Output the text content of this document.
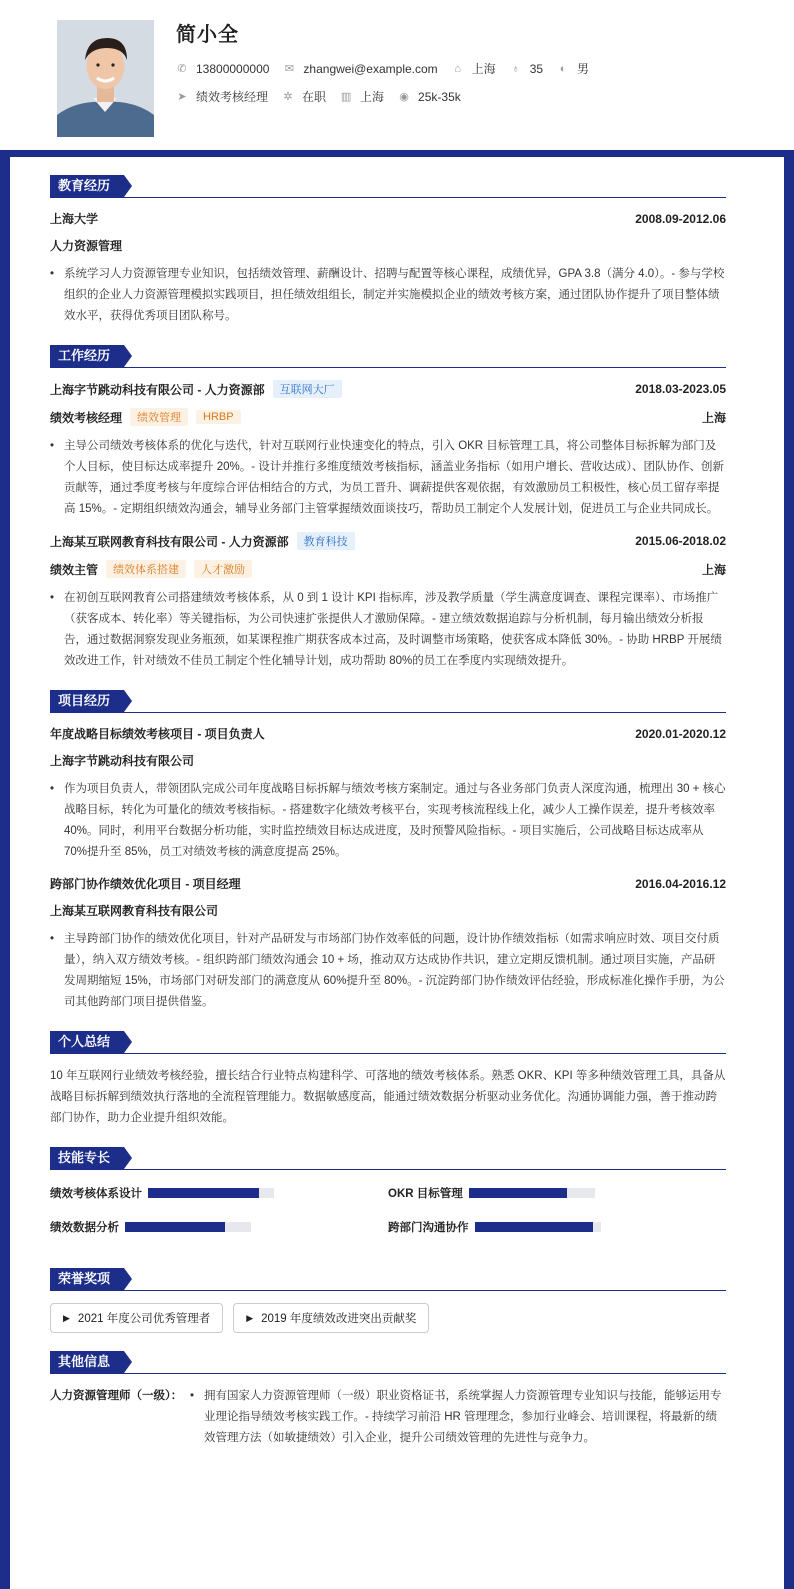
简小全
✆ 13800000000 ✉ zhangwei@example.com ⌂ 上海 ♁ 35 ◐ 男
➤ 绩效考核经理 ✲ 在职 ▥ 上海 ◉ 25k-35k
教育经历
上海大学	2008.09-2012.06
人力资源管理
• 系统学习人力资源管理专业知识，包括绩效管理、薪酬设计、招聘与配置等核心课程，成绩优异，GPA 3.8（满分 4.0）。- 参与学校组织的企业人力资源管理模拟实践项目，担任绩效组组长，制定并实施模拟企业的绩效考核方案，通过团队协作提升了项目整体绩效水平，获得优秀项目团队称号。
工作经历
上海字节跳动科技有限公司 - 人力资源部	互联网大厂	2018.03-2023.05
绩效考核经理	绩效管理	HRBP	上海
• 主导公司绩效考核体系的优化与迭代，针对互联网行业快速变化的特点，引入 OKR 目标管理工具，将公司整体目标拆解为部门及个人目标，使目标达成率提升 20%。- 设计并推行多维度绩效考核指标，涵盖业务指标（如用户增长、营收达成）、团队协作、创新贡献等，通过季度考核与年度综合评估相结合的方式，为员工晋升、调薪提供客观依据，有效激励员工积极性，核心员工留存率提高 15%。- 定期组织绩效沟通会，辅导业务部门主管掌握绩效面谈技巧，帮助员工制定个人发展计划，促进员工与企业共同成长。
上海某互联网教育科技有限公司 - 人力资源部	教育科技	2015.06-2018.02
绩效主管	绩效体系搭建	人才激励	上海
• 在初创互联网教育公司搭建绩效考核体系，从 0 到 1 设计 KPI 指标库，涉及教学质量（学生满意度调查、课程完课率）、市场推广（获客成本、转化率）等关键指标，为公司快速扩张提供人才激励保障。- 建立绩效数据追踪与分析机制，每月输出绩效分析报告，通过数据洞察发现业务瓶颈，如某课程推广期获客成本过高，及时调整市场策略，使获客成本降低 30%。- 协助 HRBP 开展绩效改进工作，针对绩效不佳员工制定个性化辅导计划，成功帮助 80%的员工在季度内实现绩效提升。
项目经历
年度战略目标绩效考核项目 - 项目负责人	2020.01-2020.12
上海字节跳动科技有限公司
• 作为项目负责人，带领团队完成公司年度战略目标拆解与绩效考核方案制定。通过与各业务部门负责人深度沟通，梳理出 30 + 核心战略目标，转化为可量化的绩效考核指标。- 搭建数字化绩效考核平台，实现考核流程线上化，减少人工操作误差，提升考核效率 40%。同时，利用平台数据分析功能，实时监控绩效目标达成进度，及时预警风险指标。- 项目实施后，公司战略目标达成率从 70%提升至 85%，员工对绩效考核的满意度提高 25%。
跨部门协作绩效优化项目 - 项目经理	2016.04-2016.12
上海某互联网教育科技有限公司
• 主导跨部门协作的绩效优化项目，针对产品研发与市场部门协作效率低的问题，设计协作绩效指标（如需求响应时效、项目交付质量），纳入双方绩效考核。- 组织跨部门绩效沟通会 10 + 场，推动双方达成协作共识，建立定期反馈机制。通过项目实施，产品研发周期缩短 15%，市场部门对研发部门的满意度从 60%提升至 80%。- 沉淀跨部门协作绩效评估经验，形成标准化操作手册，为公司其他跨部门项目提供借鉴。
个人总结
10 年互联网行业绩效考核经验，擅长结合行业特点构建科学、可落地的绩效考核体系。熟悉 OKR、KPI 等多种绩效管理工具，具备从战略目标拆解到绩效执行落地的全流程管理能力。数据敏感度高，能通过绩效数据分析驱动业务优化。沟通协调能力强，善于推动跨部门协作，助力企业提升组织效能。
技能专长
绩效考核体系设计	OKR 目标管理
绩效数据分析	跨部门沟通协作
荣誉奖项
▶ 2021 年度公司优秀管理者	▶ 2019 年度绩效改进突出贡献奖
其他信息
人力资源管理师（一级）：
•	拥有国家人力资源管理师（一级）职业资格证书，系统掌握人力资源管理专业知识与技能，能够运用专业理论指导绩效考核实践工作。- 持续学习前沿 HR 管理理念，参加行业峰会、培训课程，将最新的绩效管理方法（如敏捷绩效）引入企业，提升公司绩效管理的先进性与竞争力。
